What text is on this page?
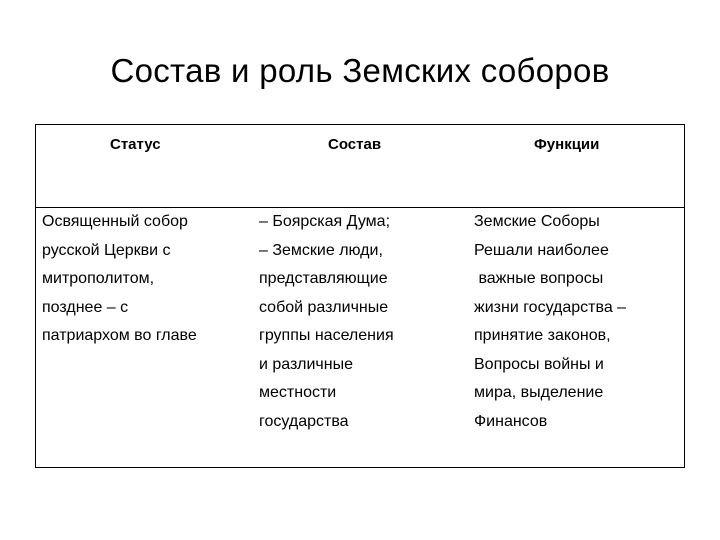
Состав и роль Земских соборов
Статус	Состав	Функции
Освященный собор
русской Церкви с
митрополитом,
позднее – с
патриархом во главе
– Боярская Дума;
– Земские люди,
представляющие
собой различные
группы населения
и различные
местности
государства
Земские Соборы
Решали наиболее
важные вопросы
жизни государства –
принятие законов,
Вопросы войны и
мира, выделение
Финансов
